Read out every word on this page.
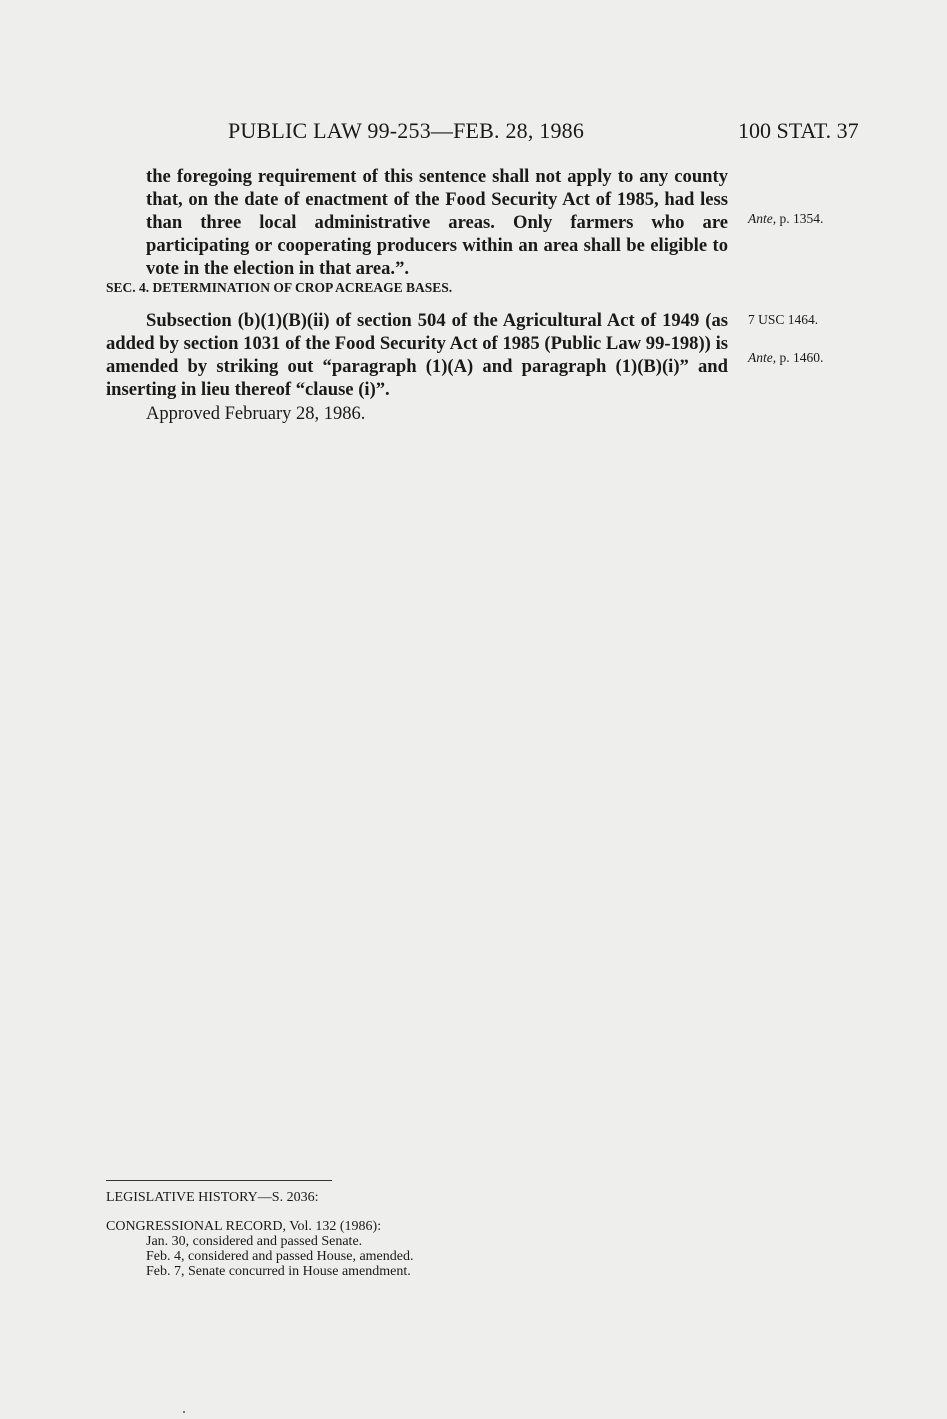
PUBLIC LAW 99-253—FEB. 28, 1986	100 STAT. 37
the foregoing requirement of this sentence shall not apply to any county that, on the date of enactment of the Food Security Act of 1985, had less than three local administrative areas. Only farmers who are participating or cooperating producers within an area shall be eligible to vote in the election in that area.”.
Ante, p. 1354.
SEC. 4. DETERMINATION OF CROP ACREAGE BASES.
Subsection (b)(1)(B)(ii) of section 504 of the Agricultural Act of 1949 (as added by section 1031 of the Food Security Act of 1985 (Public Law 99-198)) is amended by striking out “paragraph (1)(A) and paragraph (1)(B)(i)” and inserting in lieu thereof “clause (i)”.
7 USC 1464.
Ante, p. 1460.
Approved February 28, 1986.
LEGISLATIVE HISTORY—S. 2036:
CONGRESSIONAL RECORD, Vol. 132 (1986):
Jan. 30, considered and passed Senate.
Feb. 4, considered and passed House, amended.
Feb. 7, Senate concurred in House amendment.
